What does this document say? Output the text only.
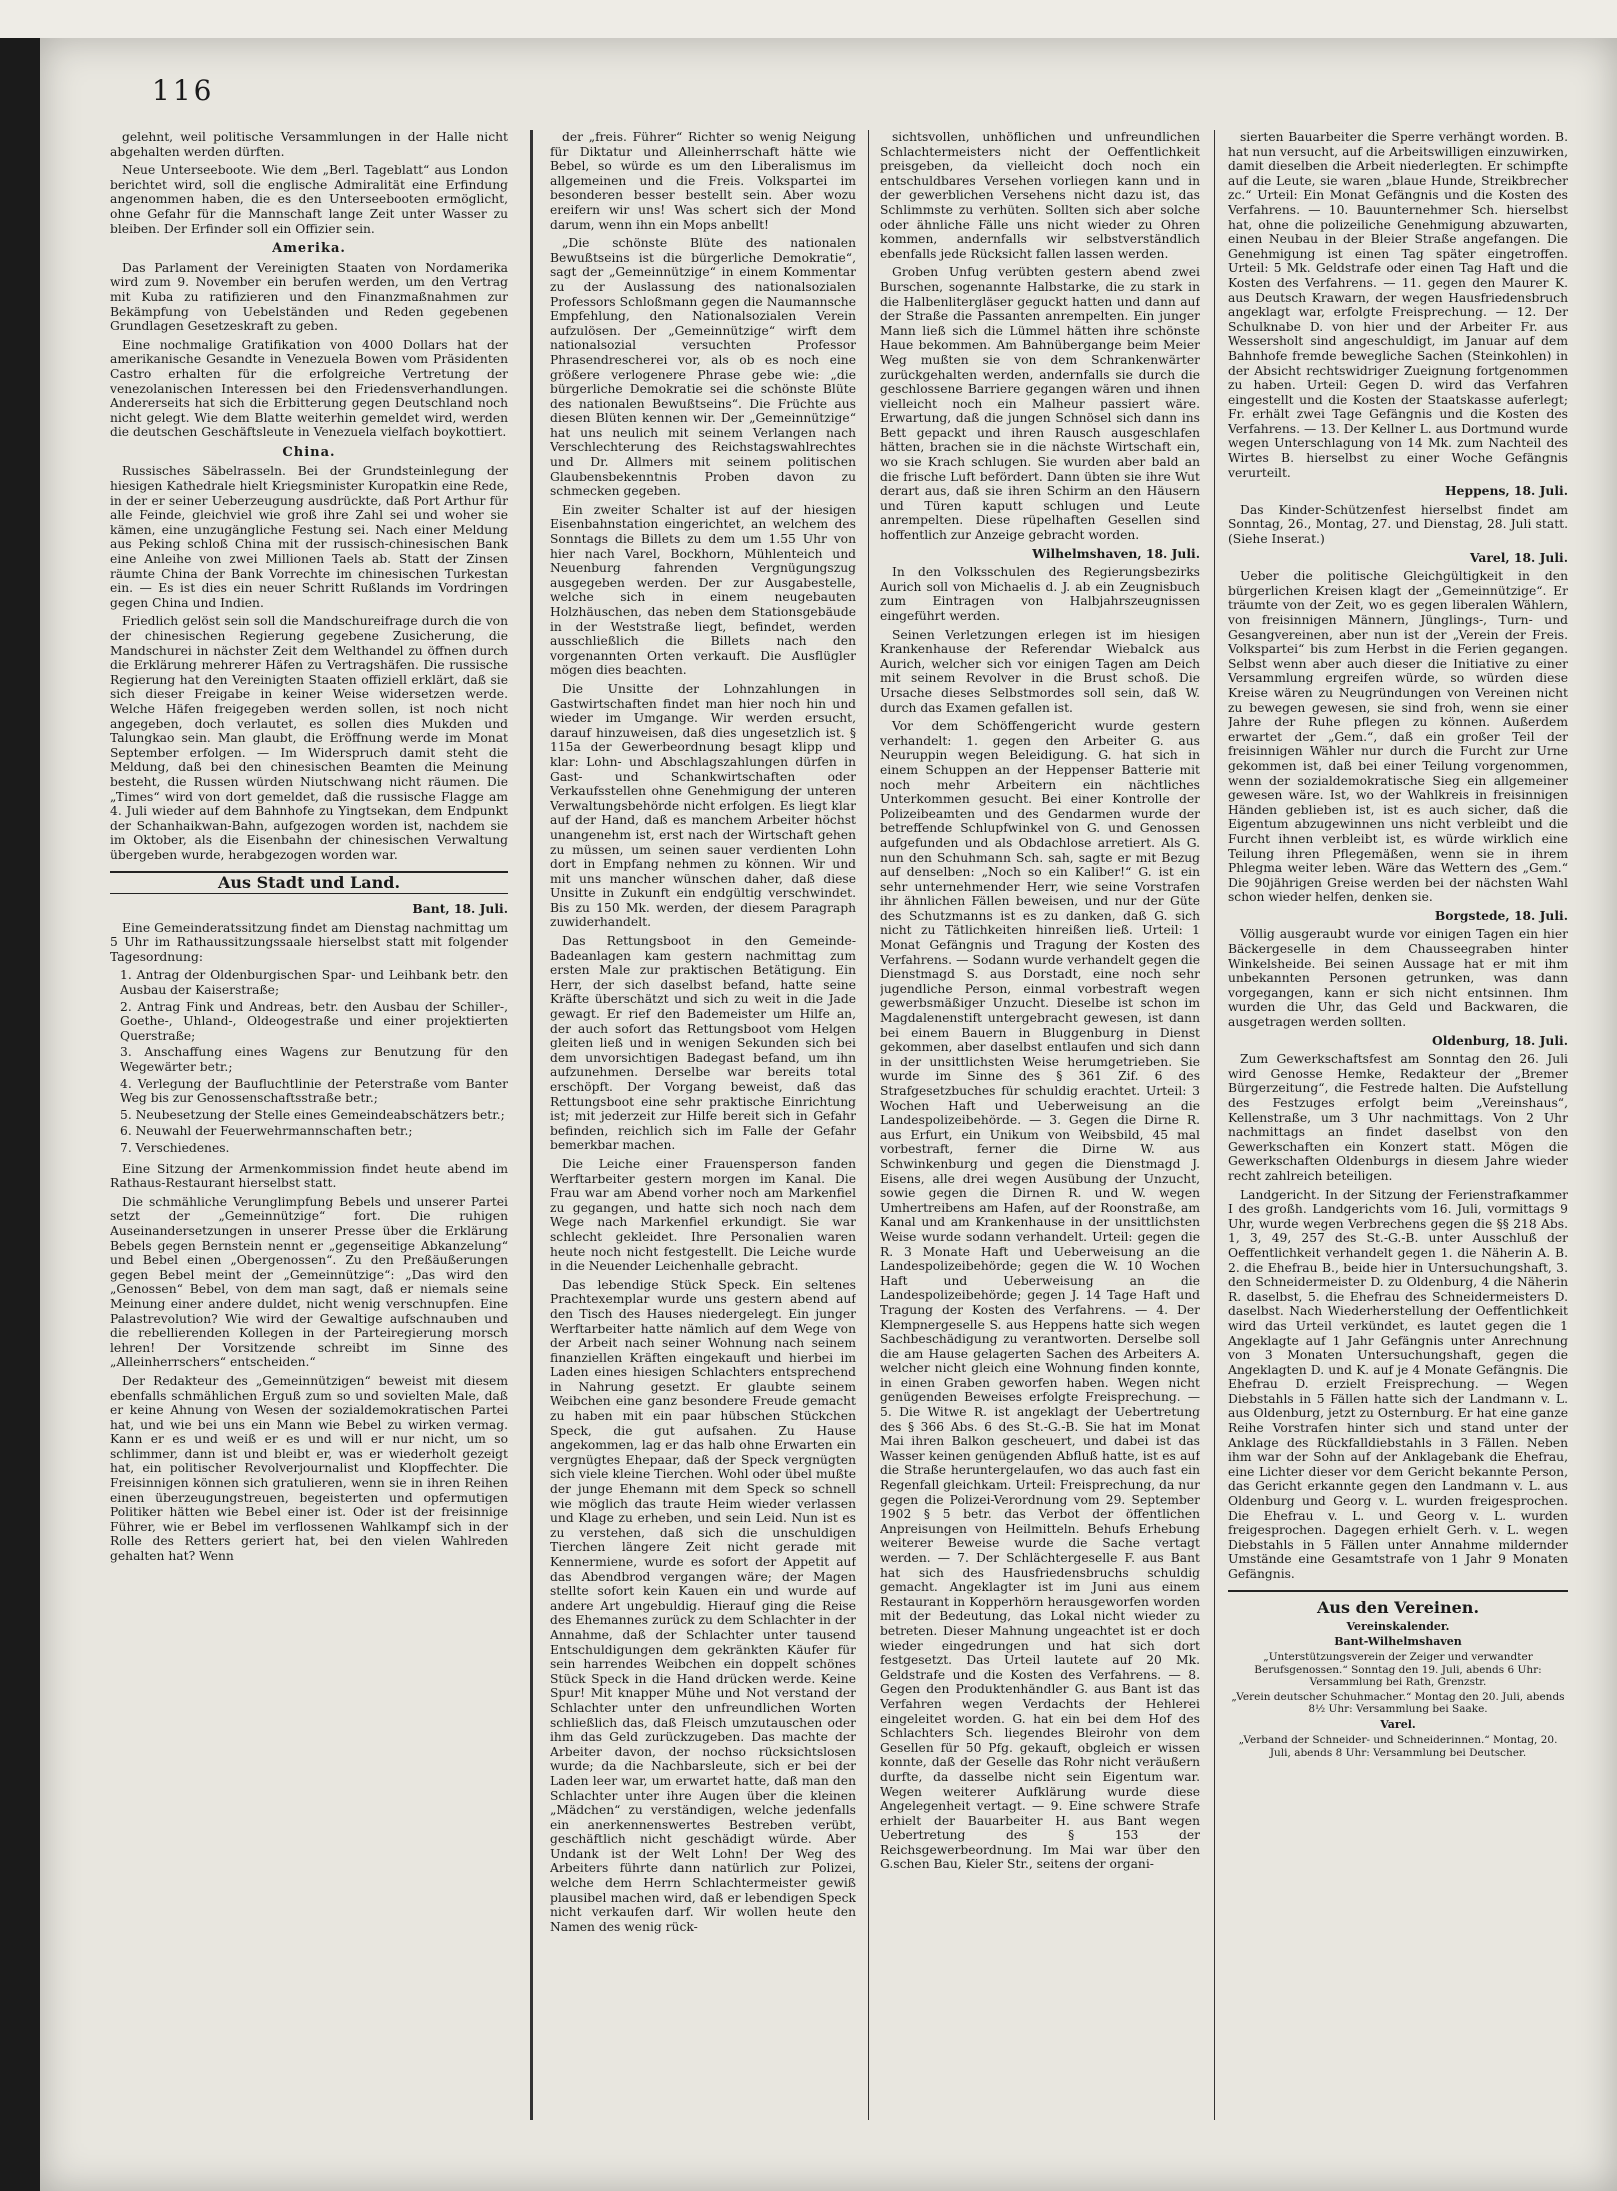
116

gelehnt, weil politische Versammlungen in der Halle nicht abgehalten werden dürften.

Neue Unterseeboote. Wie dem „Berl. Tageblatt“ aus London berichtet wird, soll die englische Admiralität eine Erfindung angenommen haben, die es den Unterseebooten ermöglicht, ohne Gefahr für die Mannschaft lange Zeit unter Wasser zu bleiben. Der Erfinder soll ein Offizier sein.

Amerika.

Das Parlament der Vereinigten Staaten von Nordamerika wird zum 9. November ein berufen werden, um den Vertrag mit Kuba zu ratifizieren und den Finanzmaßnahmen zur Bekämpfung von Uebelständen und Reden gegebenen Grundlagen Gesetzeskraft zu geben.

Eine nochmalige Gratifikation von 4000 Dollars hat der amerikanische Gesandte in Venezuela Bowen vom Präsidenten Castro erhalten für die erfolgreiche Vertretung der venezolanischen Interessen bei den Friedensverhandlungen. Andererseits hat sich die Erbitterung gegen Deutschland noch nicht gelegt. Wie dem Blatte weiterhin gemeldet wird, werden die deutschen Geschäftsleute in Venezuela vielfach boykottiert.

China.

Russisches Säbelrasseln. Bei der Grundsteinlegung der hiesigen Kathedrale hielt Kriegsminister Kuropatkin eine Rede, in der er seiner Ueberzeugung ausdrückte, daß Port Arthur für alle Feinde, gleichviel wie groß ihre Zahl sei und woher sie kämen, eine unzugängliche Festung sei. Nach einer Meldung aus Peking schloß China mit der russisch-chinesischen Bank eine Anleihe von zwei Millionen Taels ab. Statt der Zinsen räumte China der Bank Vorrechte im chinesischen Turkestan ein. — Es ist dies ein neuer Schritt Rußlands im Vordringen gegen China und Indien.

Friedlich gelöst sein soll die Mandschureifrage durch die von der chinesischen Regierung gegebene Zusicherung, die Mandschurei in nächster Zeit dem Welthandel zu öffnen durch die Erklärung mehrerer Häfen zu Vertragshäfen. Die russische Regierung hat den Vereinigten Staaten offiziell erklärt, daß sie sich dieser Freigabe in keiner Weise widersetzen werde. Welche Häfen freigegeben werden sollen, ist noch nicht angegeben, doch verlautet, es sollen dies Mukden und Talungkao sein. Man glaubt, die Eröffnung werde im Monat September erfolgen. — Im Widerspruch damit steht die Meldung, daß bei den chinesischen Beamten die Meinung besteht, die Russen würden Niutschwang nicht räumen. Die „Times“ wird von dort gemeldet, daß die russische Flagge am 4. Juli wieder auf dem Bahnhofe zu Yingtsekan, dem Endpunkt der Schanhaikwan-Bahn, aufgezogen worden ist, nachdem sie im Oktober, als die Eisenbahn der chinesischen Verwaltung übergeben wurde, herabgezogen worden war.

Aus Stadt und Land.
Bant, 18. Juli.

Eine Gemeinderatssitzung findet am Dienstag nachmittag um 5 Uhr im Rathaussitzungssaale hierselbst statt mit folgender Tagesordnung:

1. Antrag der Oldenburgischen Spar- und Leihbank betr. den Ausbau der Kaiserstraße;
2. Antrag Fink und Andreas, betr. den Ausbau der Schiller-, Goethe-, Uhland-, Oldeogestraße und einer projektierten Querstraße;
3. Anschaffung eines Wagens zur Benutzung für den Wegewärter betr.;
4. Verlegung der Baufluchtlinie der Peterstraße vom Banter Weg bis zur Genossenschaftsstraße betr.;
5. Neubesetzung der Stelle eines Gemeindeabschätzers betr.;
6. Neuwahl der Feuerwehrmannschaften betr.;
7. Verschiedenes.

Eine Sitzung der Armenkommission findet heute abend im Rathaus-Restaurant hierselbst statt.

Die schmähliche Verunglimpfung Bebels und unserer Partei setzt der „Gemeinnützige“ fort. Die ruhigen Auseinandersetzungen in unserer Presse über die Erklärung Bebels gegen Bernstein nennt er „gegenseitige Abkanzelung“ und Bebel einen „Obergenossen“. Zu den Preßäußerungen gegen Bebel meint der „Gemeinnützige“: „Das wird den „Genossen“ Bebel, von dem man sagt, daß er niemals seine Meinung einer andere duldet, nicht wenig verschnupfen. Eine Palastrevolution? Wie wird der Gewaltige aufschnauben und die rebellierenden Kollegen in der Parteiregierung morsch lehren! Der Vorsitzende schreibt im Sinne des „Alleinherrschers“ entscheiden.“

Der Redakteur des „Gemeinnützigen“ beweist mit diesem ebenfalls schmählichen Erguß zum so und sovielten Male, daß er keine Ahnung von Wesen der sozialdemokratischen Partei hat, und wie bei uns ein Mann wie Bebel zu wirken vermag. Kann er es und weiß er es und will er nur nicht, um so schlimmer, dann ist und bleibt er, was er wiederholt gezeigt hat, ein politischer Revolverjournalist und Klopffechter. Die Freisinnigen können sich gratulieren, wenn sie in ihren Reihen einen überzeugungstreuen, begeisterten und opfermutigen Politiker hätten wie Bebel einer ist. Oder ist der freisinnige Führer, wie er Bebel im verflossenen Wahlkampf sich in der Rolle des Retters geriert hat, bei den vielen Wahlreden gehalten hat? Wenn

der „freis. Führer“ Richter so wenig Neigung für Diktatur und Alleinherrschaft hätte wie Bebel, so würde es um den Liberalismus im allgemeinen und die Freis. Volkspartei im besonderen besser bestellt sein. Aber wozu ereifern wir uns! Was schert sich der Mond darum, wenn ihn ein Mops anbellt!

„Die schönste Blüte des nationalen Bewußtseins ist die bürgerliche Demokratie“, sagt der „Gemeinnützige“ in einem Kommentar zu der Auslassung des nationalsozialen Professors Schloßmann gegen die Naumannsche Empfehlung, den Nationalsozialen Verein aufzulösen. Der „Gemeinnützige“ wirft dem nationalsozial versuchten Professor Phrasendrescherei vor, als ob es noch eine größere verlogenere Phrase gebe wie: „die bürgerliche Demokratie sei die schönste Blüte des nationalen Bewußtseins“. Die Früchte aus diesen Blüten kennen wir. Der „Gemeinnützige“ hat uns neulich mit seinem Verlangen nach Verschlechterung des Reichstagswahlrechtes und Dr. Allmers mit seinem politischen Glaubensbekenntnis Proben davon zu schmecken gegeben.

Ein zweiter Schalter ist auf der hiesigen Eisenbahnstation eingerichtet, an welchem des Sonntags die Billets zu dem um 1.55 Uhr von hier nach Varel, Bockhorn, Mühlenteich und Neuenburg fahrenden Vergnügungszug ausgegeben werden. Der zur Ausgabestelle, welche sich in einem neugebauten Holzhäuschen, das neben dem Stationsgebäude in der Weststraße liegt, befindet, werden ausschließlich die Billets nach den vorgenannten Orten verkauft. Die Ausflügler mögen dies beachten.

Die Unsitte der Lohnzahlungen in Gastwirtschaften findet man hier noch hin und wieder im Umgange. Wir werden ersucht, darauf hinzuweisen, daß dies ungesetzlich ist. § 115a der Gewerbeordnung besagt klipp und klar: Lohn- und Abschlagszahlungen dürfen in Gast- und Schankwirtschaften oder Verkaufsstellen ohne Genehmigung der unteren Verwaltungsbehörde nicht erfolgen. Es liegt klar auf der Hand, daß es manchem Arbeiter höchst unangenehm ist, erst nach der Wirtschaft gehen zu müssen, um seinen sauer verdienten Lohn dort in Empfang nehmen zu können. Wir und mit uns mancher wünschen daher, daß diese Unsitte in Zukunft ein endgültig verschwindet. Bis zu 150 Mk. werden, der diesem Paragraph zuwiderhandelt.

Das Rettungsboot in den Gemeinde-Badeanlagen kam gestern nachmittag zum ersten Male zur praktischen Betätigung. Ein Herr, der sich daselbst befand, hatte seine Kräfte überschätzt und sich zu weit in die Jade gewagt. Er rief den Bademeister um Hilfe an, der auch sofort das Rettungsboot vom Helgen gleiten ließ und in wenigen Sekunden sich bei dem unvorsichtigen Badegast befand, um ihn aufzunehmen. Derselbe war bereits total erschöpft. Der Vorgang beweist, daß das Rettungsboot eine sehr praktische Einrichtung ist; mit jederzeit zur Hilfe bereit sich in Gefahr befinden, reichlich sich im Falle der Gefahr bemerkbar machen.

Die Leiche einer Frauensperson fanden Werftarbeiter gestern morgen im Kanal. Die Frau war am Abend vorher noch am Markenfiel zu gegangen, und hatte sich noch nach dem Wege nach Markenfiel erkundigt. Sie war schlecht gekleidet. Ihre Personalien waren heute noch nicht festgestellt. Die Leiche wurde in die Neuender Leichenhalle gebracht.

Das lebendige Stück Speck. Ein seltenes Prachtexemplar wurde uns gestern abend auf den Tisch des Hauses niedergelegt. Ein junger Werftarbeiter hatte nämlich auf dem Wege von der Arbeit nach seiner Wohnung nach seinem finanziellen Kräften eingekauft und hierbei im Laden eines hiesigen Schlachters entsprechend in Nahrung gesetzt. Er glaubte seinem Weibchen eine ganz besondere Freude gemacht zu haben mit ein paar hübschen Stückchen Speck, die gut aufsahen. Zu Hause angekommen, lag er das halb ohne Erwarten ein vergnügtes Ehepaar, daß der Speck vergnügten sich viele kleine Tierchen. Wohl oder übel mußte der junge Ehemann mit dem Speck so schnell wie möglich das traute Heim wieder verlassen und Klage zu erheben, und sein Leid. Nun ist es zu verstehen, daß sich die unschuldigen Tierchen längere Zeit nicht gerade mit Kennermiene, wurde es sofort der Appetit auf das Abendbrod vergangen wäre; der Magen stellte sofort kein Kauen ein und wurde auf andere Art ungebuldig. Hierauf ging die Reise des Ehemannes zurück zu dem Schlachter in der Annahme, daß der Schlachter unter tausend Entschuldigungen dem gekränkten Käufer für sein harrendes Weibchen ein doppelt schönes Stück Speck in die Hand drücken werde. Keine Spur! Mit knapper Mühe und Not verstand der Schlachter unter den unfreundlichen Worten schließlich das, daß Fleisch umzutauschen oder ihm das Geld zurückzugeben. Das machte der Arbeiter davon, der nochso rücksichtslosen wurde; da die Nachbarsleute, sich er bei der Laden leer war, um erwartet hatte, daß man den Schlachter unter ihre Augen über die kleinen „Mädchen“ zu verständigen, welche jedenfalls ein anerkennenswertes Bestreben verübt, geschäftlich nicht geschädigt würde. Aber Undank ist der Welt Lohn! Der Weg des Arbeiters führte dann natürlich zur Polizei, welche dem Herrn Schlachtermeister gewiß plausibel machen wird, daß er lebendigen Speck nicht verkaufen darf. Wir wollen heute den Namen des wenig rück-

sichtsvollen, unhöflichen und unfreundlichen Schlachtermeisters nicht der Oeffentlichkeit preisgeben, da vielleicht doch noch ein entschuldbares Versehen vorliegen kann und in der gewerblichen Versehens nicht dazu ist, das Schlimmste zu verhüten. Sollten sich aber solche oder ähnliche Fälle uns nicht wieder zu Ohren kommen, andernfalls wir selbstverständlich ebenfalls jede Rücksicht fallen lassen werden.

Groben Unfug verübten gestern abend zwei Burschen, sogenannte Halbstarke, die zu stark in die Halbenlitergläser geguckt hatten und dann auf der Straße die Passanten anrempelten. Ein junger Mann ließ sich die Lümmel hätten ihre schönste Haue bekommen. Am Bahnübergange beim Meier Weg mußten sie von dem Schrankenwärter zurückgehalten werden, andernfalls sie durch die geschlossene Barriere gegangen wären und ihnen vielleicht noch ein Malheur passiert wäre. Erwartung, daß die jungen Schnösel sich dann ins Bett gepackt und ihren Rausch ausgeschlafen hätten, brachen sie in die nächste Wirtschaft ein, wo sie Krach schlugen. Sie wurden aber bald an die frische Luft befördert. Dann übten sie ihre Wut derart aus, daß sie ihren Schirm an den Häusern und Türen kaputt schlugen und Leute anrempelten. Diese rüpelhaften Gesellen sind hoffentlich zur Anzeige gebracht worden.

Wilhelmshaven, 18. Juli.

In den Volksschulen des Regierungsbezirks Aurich soll von Michaelis d. J. ab ein Zeugnisbuch zum Eintragen von Halbjahrszeugnissen eingeführt werden.

Seinen Verletzungen erlegen ist im hiesigen Krankenhause der Referendar Wiebalck aus Aurich, welcher sich vor einigen Tagen am Deich mit seinem Revolver in die Brust schoß. Die Ursache dieses Selbstmordes soll sein, daß W. durch das Examen gefallen ist.

Vor dem Schöffengericht wurde gestern verhandelt: 1. gegen den Arbeiter G. aus Neuruppin wegen Beleidigung. G. hat sich in einem Schuppen an der Heppenser Batterie mit noch mehr Arbeitern ein nächtliches Unterkommen gesucht. Bei einer Kontrolle der Polizeibeamten und des Gendarmen wurde der betreffende Schlupfwinkel von G. und Genossen aufgefunden und als Obdachlose arretiert. Als G. nun den Schuhmann Sch. sah, sagte er mit Bezug auf denselben: „Noch so ein Kaliber!“ G. ist ein sehr unternehmender Herr, wie seine Vorstrafen ihr ähnlichen Fällen beweisen, und nur der Güte des Schutzmanns ist es zu danken, daß G. sich nicht zu Tätlichkeiten hinreißen ließ. Urteil: 1 Monat Gefängnis und Tragung der Kosten des Verfahrens. — Sodann wurde verhandelt gegen die Dienstmagd S. aus Dorstadt, eine noch sehr jugendliche Person, einmal vorbestraft wegen gewerbsmäßiger Unzucht. Dieselbe ist schon im Magdalenenstift untergebracht gewesen, ist dann bei einem Bauern in Bluggenburg in Dienst gekommen, aber daselbst entlaufen und sich dann in der unsittlichsten Weise herumgetrieben. Sie wurde im Sinne des § 361 Zif. 6 des Strafgesetzbuches für schuldig erachtet. Urteil: 3 Wochen Haft und Ueberweisung an die Landespolizeibehörde. — 3. Gegen die Dirne R. aus Erfurt, ein Unikum von Weibsbild, 45 mal vorbestraft, ferner die Dirne W. aus Schwinkenburg und gegen die Dienstmagd J. Eisens, alle drei wegen Ausübung der Unzucht, sowie gegen die Dirnen R. und W. wegen Umhertreibens am Hafen, auf der Roonstraße, am Kanal und am Krankenhause in der unsittlichsten Weise wurde sodann verhandelt. Urteil: gegen die R. 3 Monate Haft und Ueberweisung an die Landespolizeibehörde; gegen die W. 10 Wochen Haft und Ueberweisung an die Landespolizeibehörde; gegen J. 14 Tage Haft und Tragung der Kosten des Verfahrens. — 4. Der Klempnergeselle S. aus Heppens hatte sich wegen Sachbeschädigung zu verantworten. Derselbe soll die am Hause gelagerten Sachen des Arbeiters A. welcher nicht gleich eine Wohnung finden konnte, in einen Graben geworfen haben. Wegen nicht genügenden Beweises erfolgte Freisprechung. — 5. Die Witwe R. ist angeklagt der Uebertretung des § 366 Abs. 6 des St.-G.-B. Sie hat im Monat Mai ihren Balkon gescheuert, und dabei ist das Wasser keinen genügenden Abfluß hatte, ist es auf die Straße heruntergelaufen, wo das auch fast ein Regenfall gleichkam. Urteil: Freisprechung, da nur gegen die Polizei-Verordnung vom 29. September 1902 § 5 betr. das Verbot der öffentlichen Anpreisungen von Heilmitteln. Behufs Erhebung weiterer Beweise wurde die Sache vertagt werden. — 7. Der Schlächtergeselle F. aus Bant hat sich des Hausfriedensbruchs schuldig gemacht. Angeklagter ist im Juni aus einem Restaurant in Kopperhörn herausgeworfen worden mit der Bedeutung, das Lokal nicht wieder zu betreten. Dieser Mahnung ungeachtet ist er doch wieder eingedrungen und hat sich dort festgesetzt. Das Urteil lautete auf 20 Mk. Geldstrafe und die Kosten des Verfahrens. — 8. Gegen den Produktenhändler G. aus Bant ist das Verfahren wegen Verdachts der Hehlerei eingeleitet worden. G. hat ein bei dem Hof des Schlachters Sch. liegendes Bleirohr von dem Gesellen für 50 Pfg. gekauft, obgleich er wissen konnte, daß der Geselle das Rohr nicht veräußern durfte, da dasselbe nicht sein Eigentum war. Wegen weiterer Aufklärung wurde diese Angelegenheit vertagt. — 9. Eine schwere Strafe erhielt der Bauarbeiter H. aus Bant wegen Uebertretung des § 153 der Reichsgewerbeordnung. Im Mai war über den G.schen Bau, Kieler Str., seitens der organi-

sierten Bauarbeiter die Sperre verhängt worden. B. hat nun versucht, auf die Arbeitswilligen einzuwirken, damit dieselben die Arbeit niederlegten. Er schimpfte auf die Leute, sie waren „blaue Hunde, Streikbrecher zc.“ Urteil: Ein Monat Gefängnis und die Kosten des Verfahrens. — 10. Bauunternehmer Sch. hierselbst hat, ohne die polizeiliche Genehmigung abzuwarten, einen Neubau in der Bleier Straße angefangen. Die Genehmigung ist einen Tag später eingetroffen. Urteil: 5 Mk. Geldstrafe oder einen Tag Haft und die Kosten des Verfahrens. — 11. gegen den Maurer K. aus Deutsch Krawarn, der wegen Hausfriedensbruch angeklagt war, erfolgte Freisprechung. — 12. Der Schulknabe D. von hier und der Arbeiter Fr. aus Wessersholt sind angeschuldigt, im Januar auf dem Bahnhofe fremde bewegliche Sachen (Steinkohlen) in der Absicht rechtswidriger Zueignung fortgenommen zu haben. Urteil: Gegen D. wird das Verfahren eingestellt und die Kosten der Staatskasse auferlegt; Fr. erhält zwei Tage Gefängnis und die Kosten des Verfahrens. — 13. Der Kellner L. aus Dortmund wurde wegen Unterschlagung von 14 Mk. zum Nachteil des Wirtes B. hierselbst zu einer Woche Gefängnis verurteilt.

Heppens, 18. Juli.

Das Kinder-Schützenfest hierselbst findet am Sonntag, 26., Montag, 27. und Dienstag, 28. Juli statt. (Siehe Inserat.)

Varel, 18. Juli.

Ueber die politische Gleichgültigkeit in den bürgerlichen Kreisen klagt der „Gemeinnützige“. Er träumte von der Zeit, wo es gegen liberalen Wählern, von freisinnigen Männern, Jünglings-, Turn- und Gesangvereinen, aber nun ist der „Verein der Freis. Volkspartei“ bis zum Herbst in die Ferien gegangen. Selbst wenn aber auch dieser die Initiative zu einer Versammlung ergreifen würde, so würden diese Kreise wären zu Neugründungen von Vereinen nicht zu bewegen gewesen, sie sind froh, wenn sie einer Jahre der Ruhe pflegen zu können. Außerdem erwartet der „Gem.“, daß ein großer Teil der freisinnigen Wähler nur durch die Furcht zur Urne gekommen ist, daß bei einer Teilung vorgenommen, wenn der sozialdemokratische Sieg ein allgemeiner gewesen wäre. Ist, wo der Wahlkreis in freisinnigen Händen geblieben ist, ist es auch sicher, daß die Eigentum abzugewinnen uns nicht verbleibt und die Furcht ihnen verbleibt ist, es würde wirklich eine Teilung ihren Pflegemäßen, wenn sie in ihrem Phlegma weiter leben. Wäre das Wettern des „Gem.“ Die 90jährigen Greise werden bei der nächsten Wahl schon wieder helfen, denken sie.

Borgstede, 18. Juli.

Völlig ausgeraubt wurde vor einigen Tagen ein hier Bäckergeselle in dem Chausseegraben hinter Winkelsheide. Bei seinen Aussage hat er mit ihm unbekannten Personen getrunken, was dann vorgegangen, kann er sich nicht entsinnen. Ihm wurden die Uhr, das Geld und Backwaren, die ausgetragen werden sollten.

Oldenburg, 18. Juli.

Zum Gewerkschaftsfest am Sonntag den 26. Juli wird Genosse Hemke, Redakteur der „Bremer Bürgerzeitung“, die Festrede halten. Die Aufstellung des Festzuges erfolgt beim „Vereinshaus“, Kellenstraße, um 3 Uhr nachmittags. Von 2 Uhr nachmittags an findet daselbst von den Gewerkschaften ein Konzert statt. Mögen die Gewerkschaften Oldenburgs in diesem Jahre wieder recht zahlreich beteiligen.

Landgericht. In der Sitzung der Ferienstrafkammer I des großh. Landgerichts vom 16. Juli, vormittags 9 Uhr, wurde wegen Verbrechens gegen die §§ 218 Abs. 1, 3, 49, 257 des St.-G.-B. unter Ausschluß der Oeffentlichkeit verhandelt gegen 1. die Näherin A. B. 2. die Ehefrau B., beide hier in Untersuchungshaft, 3. den Schneidermeister D. zu Oldenburg, 4 die Näherin R. daselbst, 5. die Ehefrau des Schneidermeisters D. daselbst. Nach Wiederherstellung der Oeffentlichkeit wird das Urteil verkündet, es lautet gegen die 1 Angeklagte auf 1 Jahr Gefängnis unter Anrechnung von 3 Monaten Untersuchungshaft, gegen die Angeklagten D. und K. auf je 4 Monate Gefängnis. Die Ehefrau D. erzielt Freisprechung. — Wegen Diebstahls in 5 Fällen hatte sich der Landmann v. L. aus Oldenburg, jetzt zu Osternburg. Er hat eine ganze Reihe Vorstrafen hinter sich und stand unter der Anklage des Rückfalldiebstahls in 3 Fällen. Neben ihm war der Sohn auf der Anklagebank die Ehefrau, eine Lichter dieser vor dem Gericht bekannte Person, das Gericht erkannte gegen den Landmann v. L. aus Oldenburg und Georg v. L. wurden freigesprochen. Die Ehefrau v. L. und Georg v. L. wurden freigesprochen. Dagegen erhielt Gerh. v. L. wegen Diebstahls in 5 Fällen unter Annahme mildernder Umstände eine Gesamtstrafe von 1 Jahr 9 Monaten Gefängnis.

Aus den Vereinen.
Vereinskalender.
Bant-Wilhelmshaven
„Unterstützungsverein der Zeiger und verwandter Berufsgenossen.“ Sonntag den 19. Juli, abends 6 Uhr: Versammlung bei Rath, Grenzstr.
„Verein deutscher Schuhmacher.“ Montag den 20. Juli, abends 8½ Uhr: Versammlung bei Saake.
Varel.
„Verband der Schneider- und Schneiderinnen.“ Montag, 20. Juli, abends 8 Uhr: Versammlung bei Deutscher.
